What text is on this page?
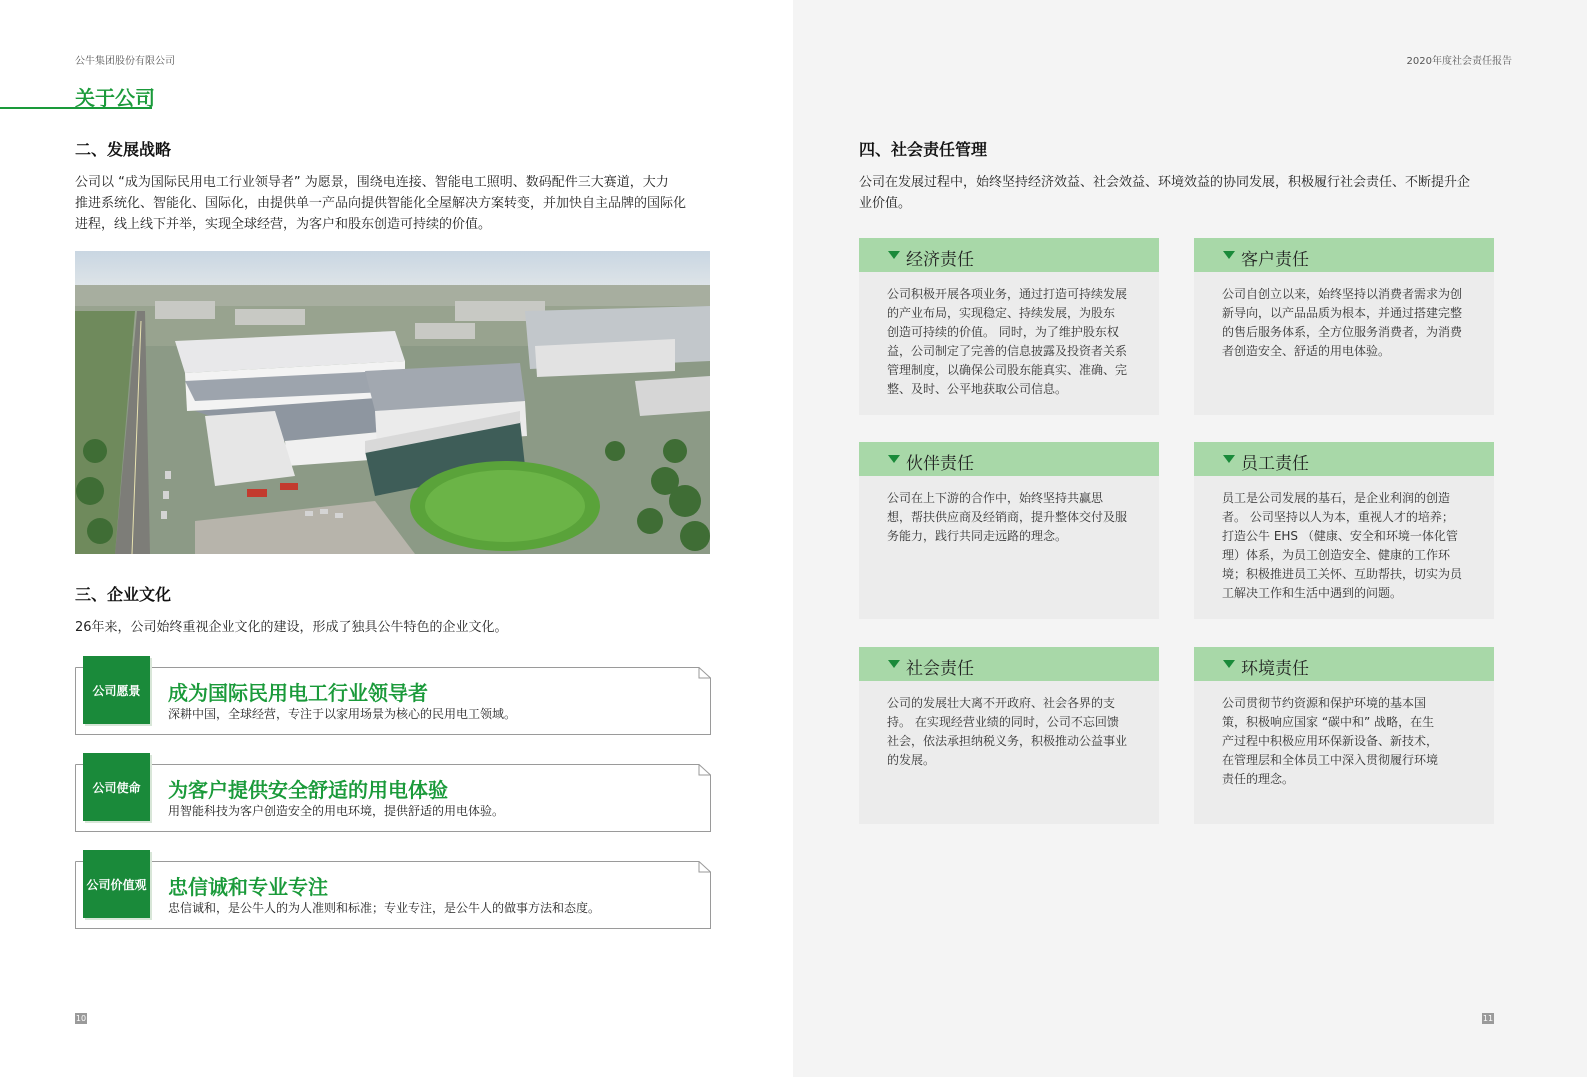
公牛集团股份有限公司
关于公司
二、发展战略
公司以 “成为国际民用电工行业领导者” 为愿景，围绕电连接、智能电工照明、数码配件三大赛道，大力
推进系统化、智能化、国际化，由提供单一产品向提供智能化全屋解决方案转变，并加快自主品牌的国际化
进程，线上线下并举，实现全球经营，为客户和股东创造可持续的价值。
三、企业文化
26年来，公司始终重视企业文化的建设，形成了独具公牛特色的企业文化。
公司愿景	成为国际民用电工行业领导者
深耕中国，全球经营，专注于以家用场景为核心的民用电工领域。
公司使命	为客户提供安全舒适的用电体验
用智能科技为客户创造安全的用电环境，提供舒适的用电体验。
公司价值观 忠信诚和专业专注
忠信诚和，是公牛人的为人准则和标准；专业专注，是公牛人的做事方法和态度。
10
2020年度社会责任报告
四、社会责任管理
公司在发展过程中，始终坚持经济效益、社会效益、环境效益的协同发展，积极履行社会责任、不断提升企
业价值。
经济责任
公司积极开展各项业务，通过打造可持续发展
的产业布局，实现稳定、持续发展，为股东
创造可持续的价值。 同时，为了维护股东权
益，公司制定了完善的信息披露及投资者关系
管理制度，以确保公司股东能真实、准确、完
整、及时、公平地获取公司信息。
客户责任
公司自创立以来，始终坚持以消费者需求为创
新导向，以产品品质为根本，并通过搭建完整
的售后服务体系，全方位服务消费者，为消费
者创造安全、舒适的用电体验。
伙伴责任
公司在上下游的合作中，始终坚持共赢思
想，帮扶供应商及经销商，提升整体交付及服
务能力，践行共同走远路的理念。
员工责任
员工是公司发展的基石，是企业利润的创造
者。 公司坚持以人为本，重视人才的培养；
打造公牛 EHS （健康、安全和环境一体化管
理）体系，为员工创造安全、健康的工作环
境；积极推进员工关怀、互助帮扶，切实为员
工解决工作和生活中遇到的问题。
社会责任
公司的发展壮大离不开政府、社会各界的支
持。 在实现经营业绩的同时，公司不忘回馈
社会，依法承担纳税义务，积极推动公益事业
的发展。
环境责任
公司贯彻节约资源和保护环境的基本国
策，积极响应国家 “碳中和” 战略，在生
产过程中积极应用环保新设备、新技术，
在管理层和全体员工中深入贯彻履行环境
责任的理念。
11
